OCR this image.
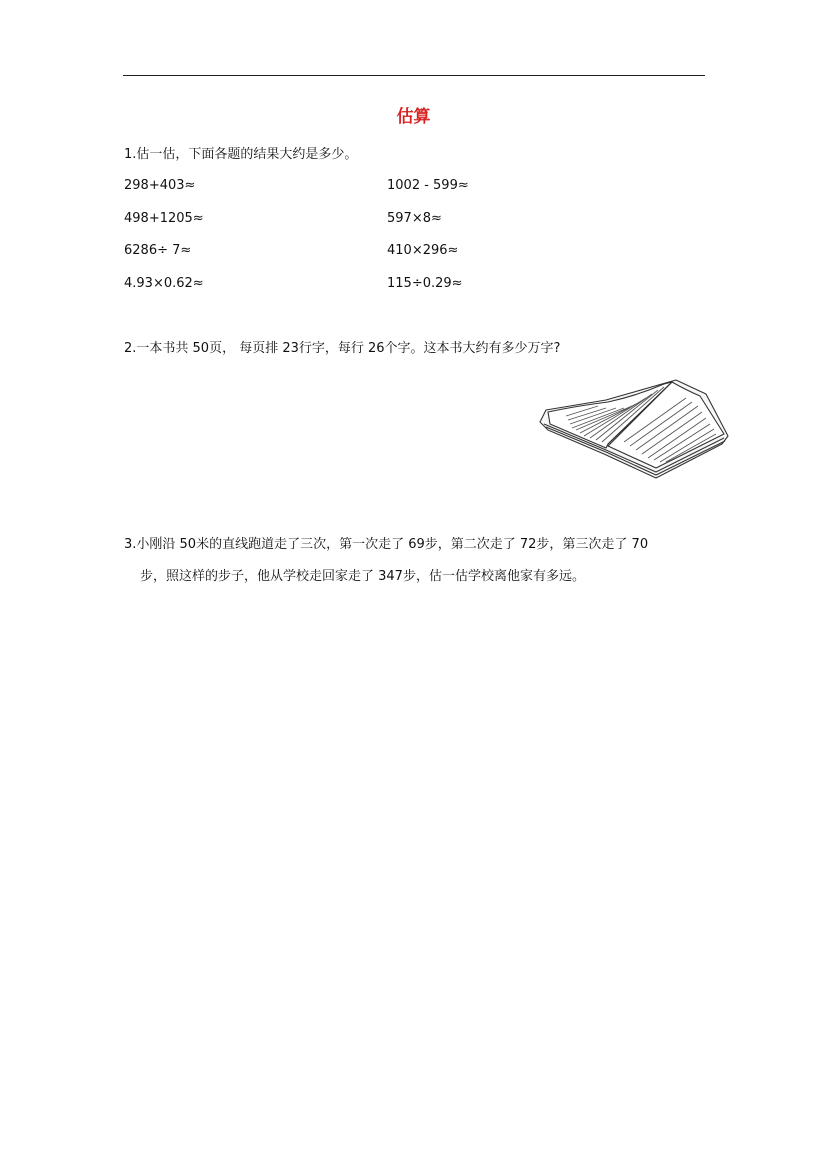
估算
1.估一估，下面各题的结果大约是多少。
298+403≈	1002 - 599≈
498+1205≈	597×8≈
6286÷ 7≈	410×296≈
4.93×0.62≈	115÷0.29≈
2.一本书共 50页， 每页排 23行字，每行 26个字。这本书大约有多少万字?
3.小刚沿 50米的直线跑道走了三次，第一次走了 69步，第二次走了 72步，第三次走了 70
步，照这样的步子，他从学校走回家走了 347步，估一估学校离他家有多远。
